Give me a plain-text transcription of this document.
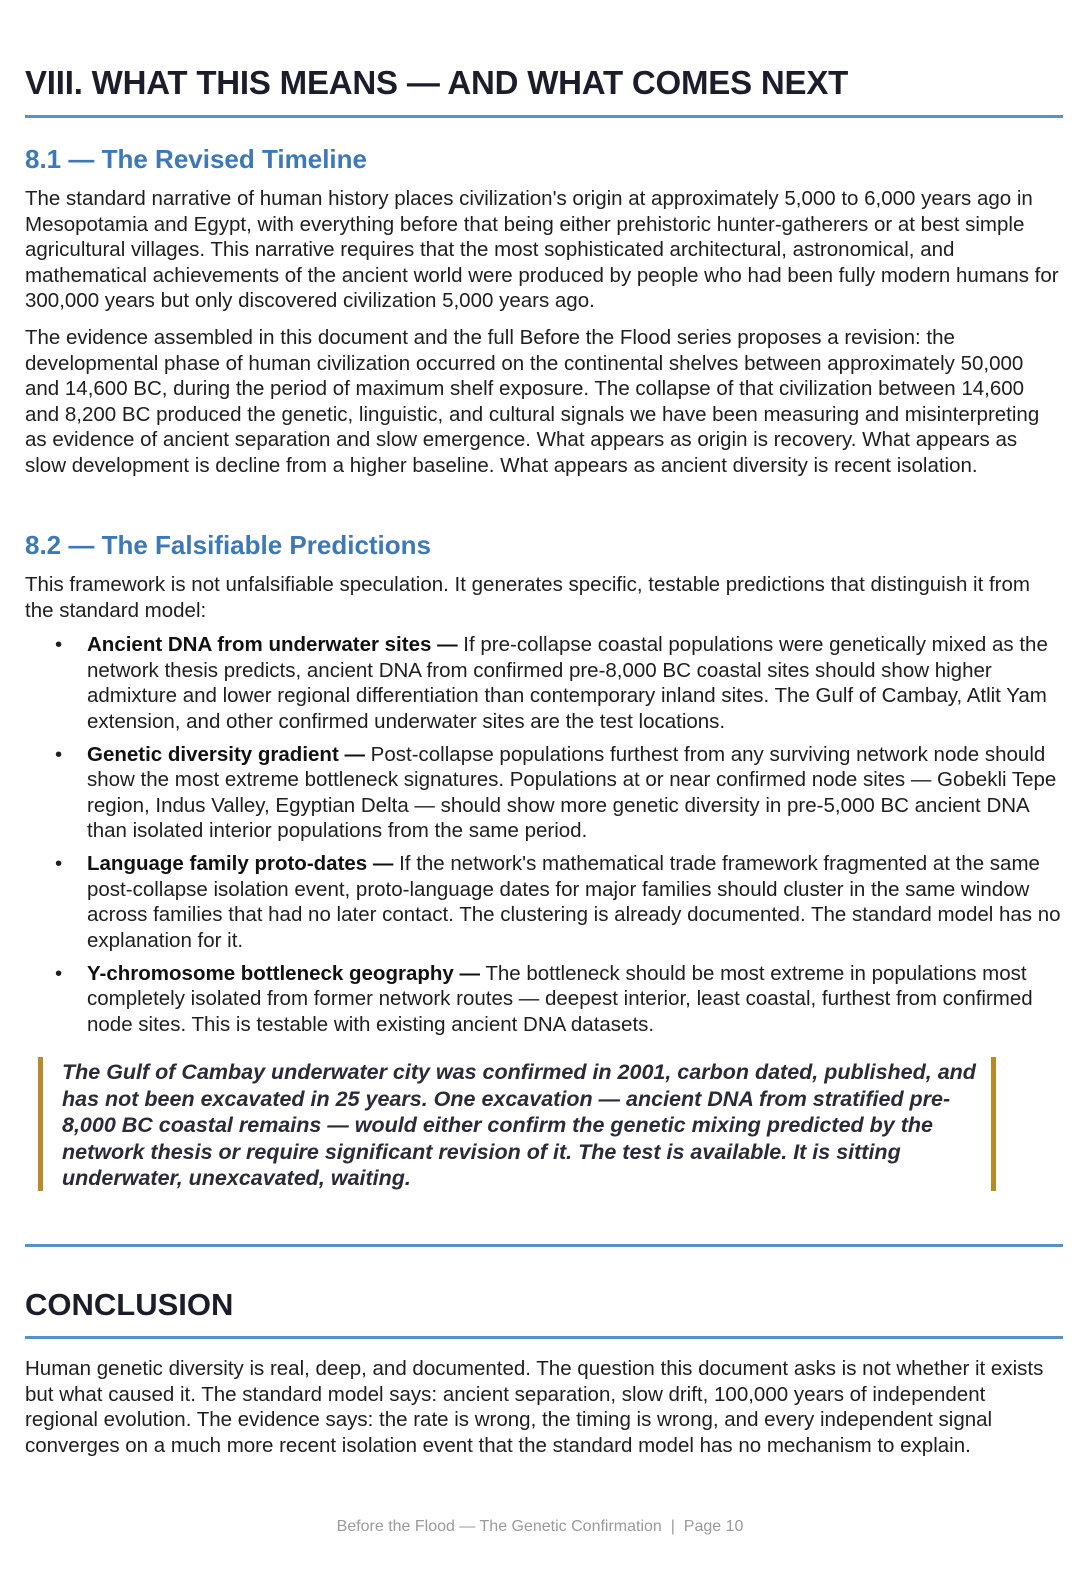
VIII. WHAT THIS MEANS — AND WHAT COMES NEXT
8.1 — The Revised Timeline

The standard narrative of human history places civilization's origin at approximately 5,000 to 6,000 years ago in Mesopotamia and Egypt, with everything before that being either prehistoric hunter-gatherers or at best simple agricultural villages. This narrative requires that the most sophisticated architectural, astronomical, and mathematical achievements of the ancient world were produced by people who had been fully modern humans for 300,000 years but only discovered civilization 5,000 years ago.

The evidence assembled in this document and the full Before the Flood series proposes a revision: the developmental phase of human civilization occurred on the continental shelves between approximately 50,000 and 14,600 BC, during the period of maximum shelf exposure. The collapse of that civilization between 14,600 and 8,200 BC produced the genetic, linguistic, and cultural signals we have been measuring and misinterpreting as evidence of ancient separation and slow emergence. What appears as origin is recovery. What appears as slow development is decline from a higher baseline. What appears as ancient diversity is recent isolation.

8.2 — The Falsifiable Predictions

This framework is not unfalsifiable speculation. It generates specific, testable predictions that distinguish it from the standard model:

• Ancient DNA from underwater sites — If pre-collapse coastal populations were genetically mixed as the network thesis predicts, ancient DNA from confirmed pre-8,000 BC coastal sites should show higher admixture and lower regional differentiation than contemporary inland sites. The Gulf of Cambay, Atlit Yam extension, and other confirmed underwater sites are the test locations.
• Genetic diversity gradient — Post-collapse populations furthest from any surviving network node should show the most extreme bottleneck signatures. Populations at or near confirmed node sites — Gobekli Tepe region, Indus Valley, Egyptian Delta — should show more genetic diversity in pre-5,000 BC ancient DNA than isolated interior populations from the same period.
• Language family proto-dates — If the network's mathematical trade framework fragmented at the same post-collapse isolation event, proto-language dates for major families should cluster in the same window across families that had no later contact. The clustering is already documented. The standard model has no explanation for it.
• Y-chromosome bottleneck geography — The bottleneck should be most extreme in populations most completely isolated from former network routes — deepest interior, least coastal, furthest from confirmed node sites. This is testable with existing ancient DNA datasets.

The Gulf of Cambay underwater city was confirmed in 2001, carbon dated, published, and has not been excavated in 25 years. One excavation — ancient DNA from stratified pre-8,000 BC coastal remains — would either confirm the genetic mixing predicted by the network thesis or require significant revision of it. The test is available. It is sitting underwater, unexcavated, waiting.

CONCLUSION

Human genetic diversity is real, deep, and documented. The question this document asks is not whether it exists but what caused it. The standard model says: ancient separation, slow drift, 100,000 years of independent regional evolution. The evidence says: the rate is wrong, the timing is wrong, and every independent signal converges on a much more recent isolation event that the standard model has no mechanism to explain.

Before the Flood — The Genetic Confirmation  |  Page 10
